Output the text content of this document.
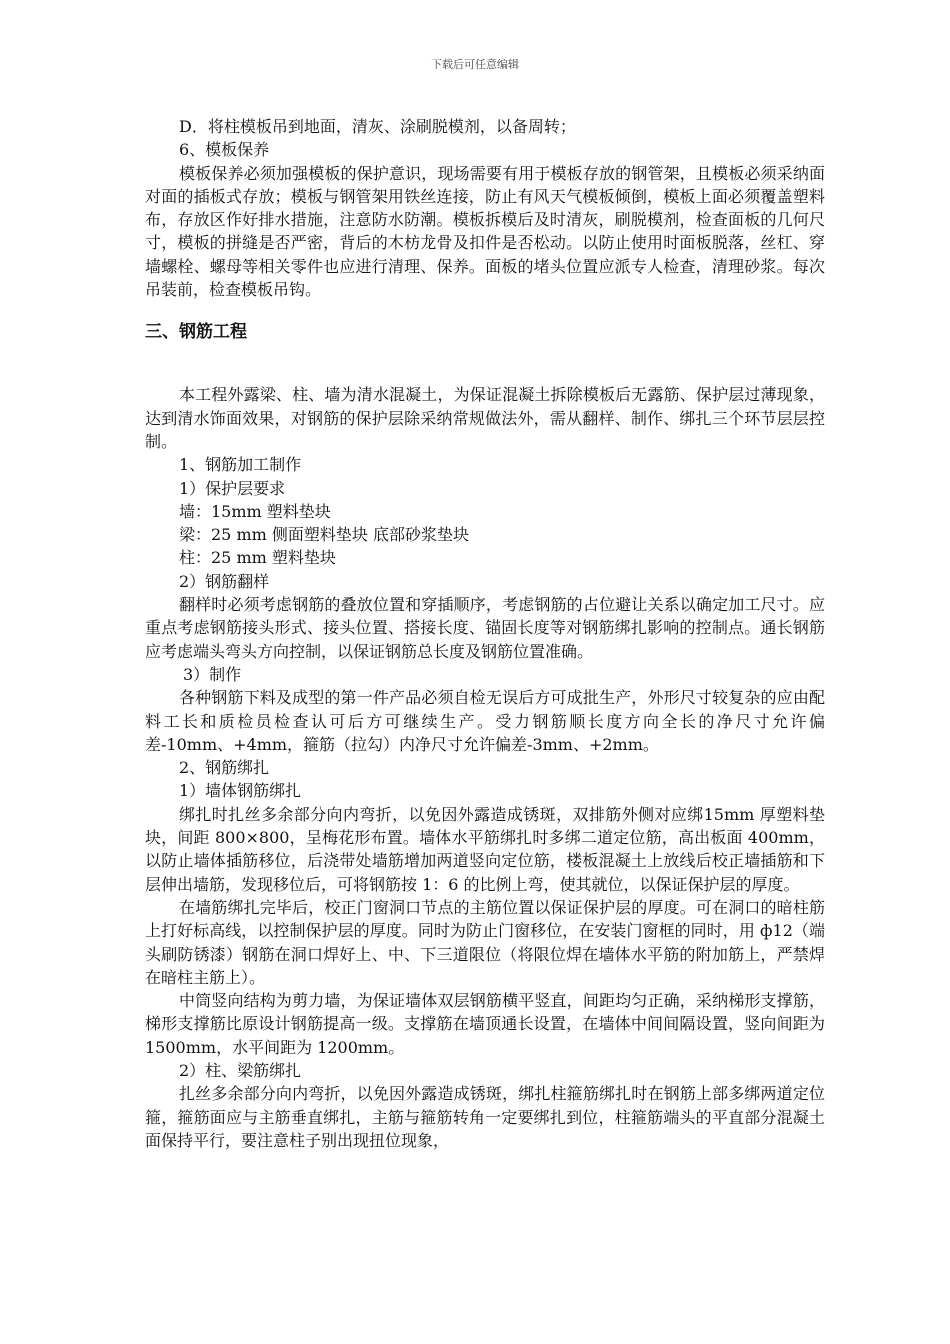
下载后可任意编辑

D．将柱模板吊到地面，清灰、涂刷脱模剂，以备周转；

6、模板保养

模板保养必须加强模板的保护意识，现场需要有用于模板存放的钢管架，且模板必须采纳面对面的插板式存放；模板与钢管架用铁丝连接，防止有风天气模板倾倒，模板上面必须覆盖塑料布，存放区作好排水措施，注意防水防潮。模板拆模后及时清灰，刷脱模剂，检查面板的几何尺寸，模板的拼缝是否严密，背后的木枋龙骨及扣件是否松动。以防止使用时面板脱落，丝杠、穿墙螺栓、螺母等相关零件也应进行清理、保养。面板的堵头位置应派专人检查，清理砂浆。每次吊装前，检查模板吊钩。

三、钢筋工程

本工程外露梁、柱、墙为清水混凝土，为保证混凝土拆除模板后无露筋、保护层过薄现象，达到清水饰面效果，对钢筋的保护层除采纳常规做法外，需从翻样、制作、绑扎三个环节层层控制。

1、钢筋加工制作

1）保护层要求

墙：15mm 塑料垫块

梁：25 mm 侧面塑料垫块 底部砂浆垫块

柱：25 mm 塑料垫块

2）钢筋翻样

翻样时必须考虑钢筋的叠放位置和穿插顺序，考虑钢筋的占位避让关系以确定加工尺寸。应重点考虑钢筋接头形式、接头位置、搭接长度、锚固长度等对钢筋绑扎影响的控制点。通长钢筋应考虑端头弯头方向控制，以保证钢筋总长度及钢筋位置准确。

3）制作

各种钢筋下料及成型的第一件产品必须自检无误后方可成批生产，外形尺寸较复杂的应由配料工长和质检员检查认可后方可继续生产。受力钢筋顺长度方向全长的净尺寸允许偏差-10mm、+4mm，箍筋（拉勾）内净尺寸允许偏差-3mm、+2mm。

2、钢筋绑扎

1）墙体钢筋绑扎

绑扎时扎丝多余部分向内弯折，以免因外露造成锈斑，双排筋外侧对应绑15mm 厚塑料垫块，间距 800×800，呈梅花形布置。墙体水平筋绑扎时多绑二道定位筋，高出板面 400mm，以防止墙体插筋移位，后浇带处墙筋增加两道竖向定位筋，楼板混凝土上放线后校正墙插筋和下层伸出墙筋，发现移位后，可将钢筋按 1：6 的比例上弯，使其就位，以保证保护层的厚度。

在墙筋绑扎完毕后，校正门窗洞口节点的主筋位置以保证保护层的厚度。可在洞口的暗柱筋上打好标高线，以控制保护层的厚度。同时为防止门窗移位，在安装门窗框的同时，用 ф12（端头刷防锈漆）钢筋在洞口焊好上、中、下三道限位（将限位焊在墙体水平筋的附加筋上，严禁焊在暗柱主筋上）。

中筒竖向结构为剪力墙，为保证墙体双层钢筋横平竖直，间距均匀正确，采纳梯形支撑筋，梯形支撑筋比原设计钢筋提高一级。支撑筋在墙顶通长设置，在墙体中间间隔设置，竖向间距为 1500mm，水平间距为 1200mm。

2）柱、梁筋绑扎

扎丝多余部分向内弯折，以免因外露造成锈斑，绑扎柱箍筋绑扎时在钢筋上部多绑两道定位箍，箍筋面应与主筋垂直绑扎，主筋与箍筋转角一定要绑扎到位，柱箍筋端头的平直部分混凝土面保持平行，要注意柱子别出现扭位现象，
